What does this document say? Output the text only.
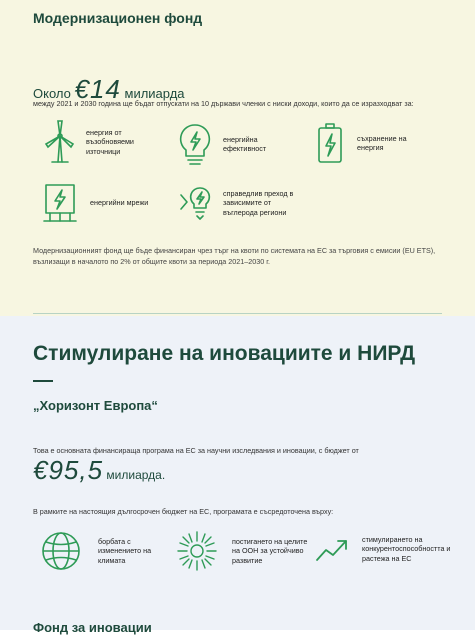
Модернизационен фонд
Около €14 милиарда
между 2021 и 2030 година ще бъдат отпускати на 10 държави членки с ниски доходи, които да се изразходват за:
енергия от възобновяеми източници
енергийна ефективност
съхранение на енергия
енергийни мрежи
справедлив преход в зависимите от въглерода региони
Модернизационният фонд ще бъде финансиран чрез търг на квоти по системата на ЕС за търговия с емисии (EU ETS), възлизащи в началото по 2% от общите квоти за периода 2021–2030 г.
Стимулиране на иновациите и НИРД
„Хоризонт Европа“
Това е основната финансираща програма на ЕС за научни изследвания и иновации, с бюджет от
€95,5 милиарда.
В рамките на настоящия дългосрочен бюджет на ЕС, програмата е съсредоточена върху:
борбата с изменението на климата
постигането на целите на ООН за устойчиво развитие
стимулирането на конкурентоспособността и растежа на ЕС
Фонд за иновации
